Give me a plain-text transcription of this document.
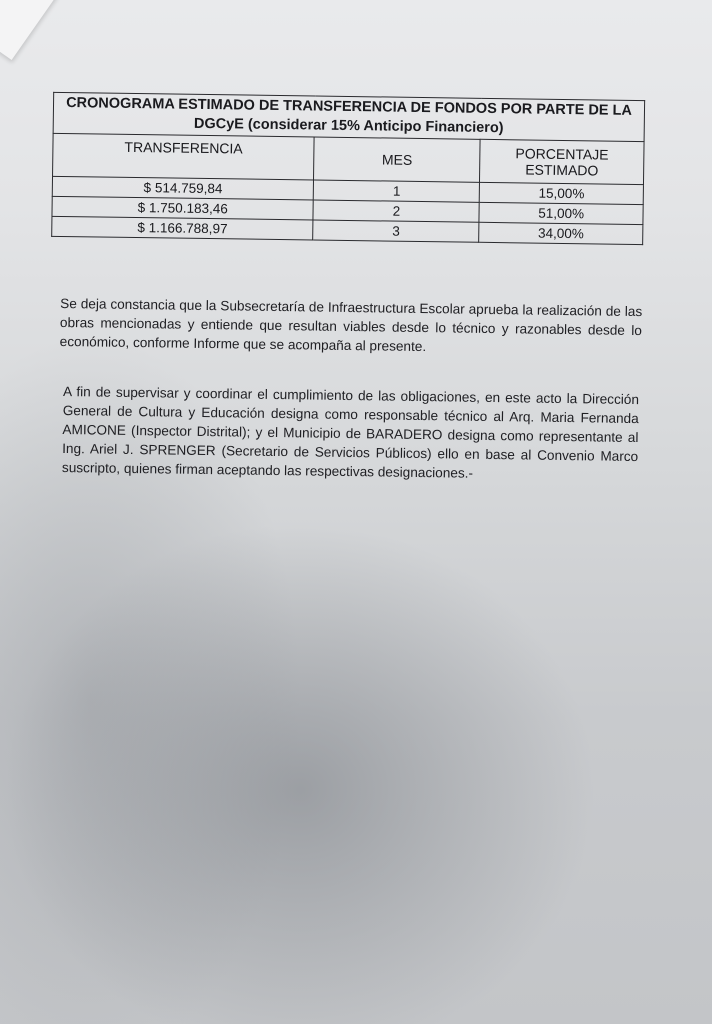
CRONOGRAMA ESTIMADO DE TRANSFERENCIA DE FONDOS POR PARTE DE LA DGCyE (considerar 15% Anticipo Financiero)		
TRANSFERENCIA	MES	PORCENTAJE ESTIMADO
$ 514.759,84	1	15,00%
$ 1.750.183,46	2	51,00%
$ 1.166.788,97	3	34,00%

Se deja constancia que la Subsecretaría de Infraestructura Escolar aprueba la realización de las obras mencionadas y entiende que resultan viables desde lo técnico y razonables desde lo económico, conforme Informe que se acompaña al presente.

A fin de supervisar y coordinar el cumplimiento de las obligaciones, en este acto la Dirección General de Cultura y Educación designa como responsable técnico al Arq. Maria Fernanda AMICONE (Inspector Distrital); y el Municipio de BARADERO designa como representante al Ing. Ariel J. SPRENGER (Secretario de Servicios Públicos) ello en base al Convenio Marco suscripto, quienes firman aceptando las respectivas designaciones.-
